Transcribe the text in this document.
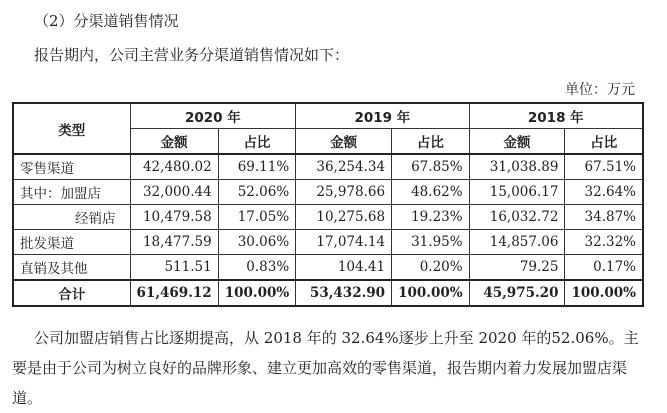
（2）分渠道销售情况
报告期内，公司主营业务分渠道销售情况如下：
单位：万元
类型	2020 年		2019 年		2018 年	
	金额	占比	金额	占比	金额	占比
零售渠道	42,480.02	69.11%	36,254.34	67.85%	31,038.89	67.51%
其中：加盟店	32,000.44	52.06%	25,978.66	48.62%	15,006.17	32.64%
经销店	10,479.58	17.05%	10,275.68	19.23%	16,032.72	34.87%
批发渠道	18,477.59	30.06%	17,074.14	31.95%	14,857.06	32.32%
直销及其他	511.51	0.83%	104.41	0.20%	79.25	0.17%
合计	61,469.12	100.00%	53,432.90	100.00%	45,975.20	100.00%
公司加盟店销售占比逐期提高，从 2018 年的 32.64%逐步上升至 2020 年的52.06%。主要是由于公司为树立良好的品牌形象、建立更加高效的零售渠道，报告期内着力发展加盟店渠道。
